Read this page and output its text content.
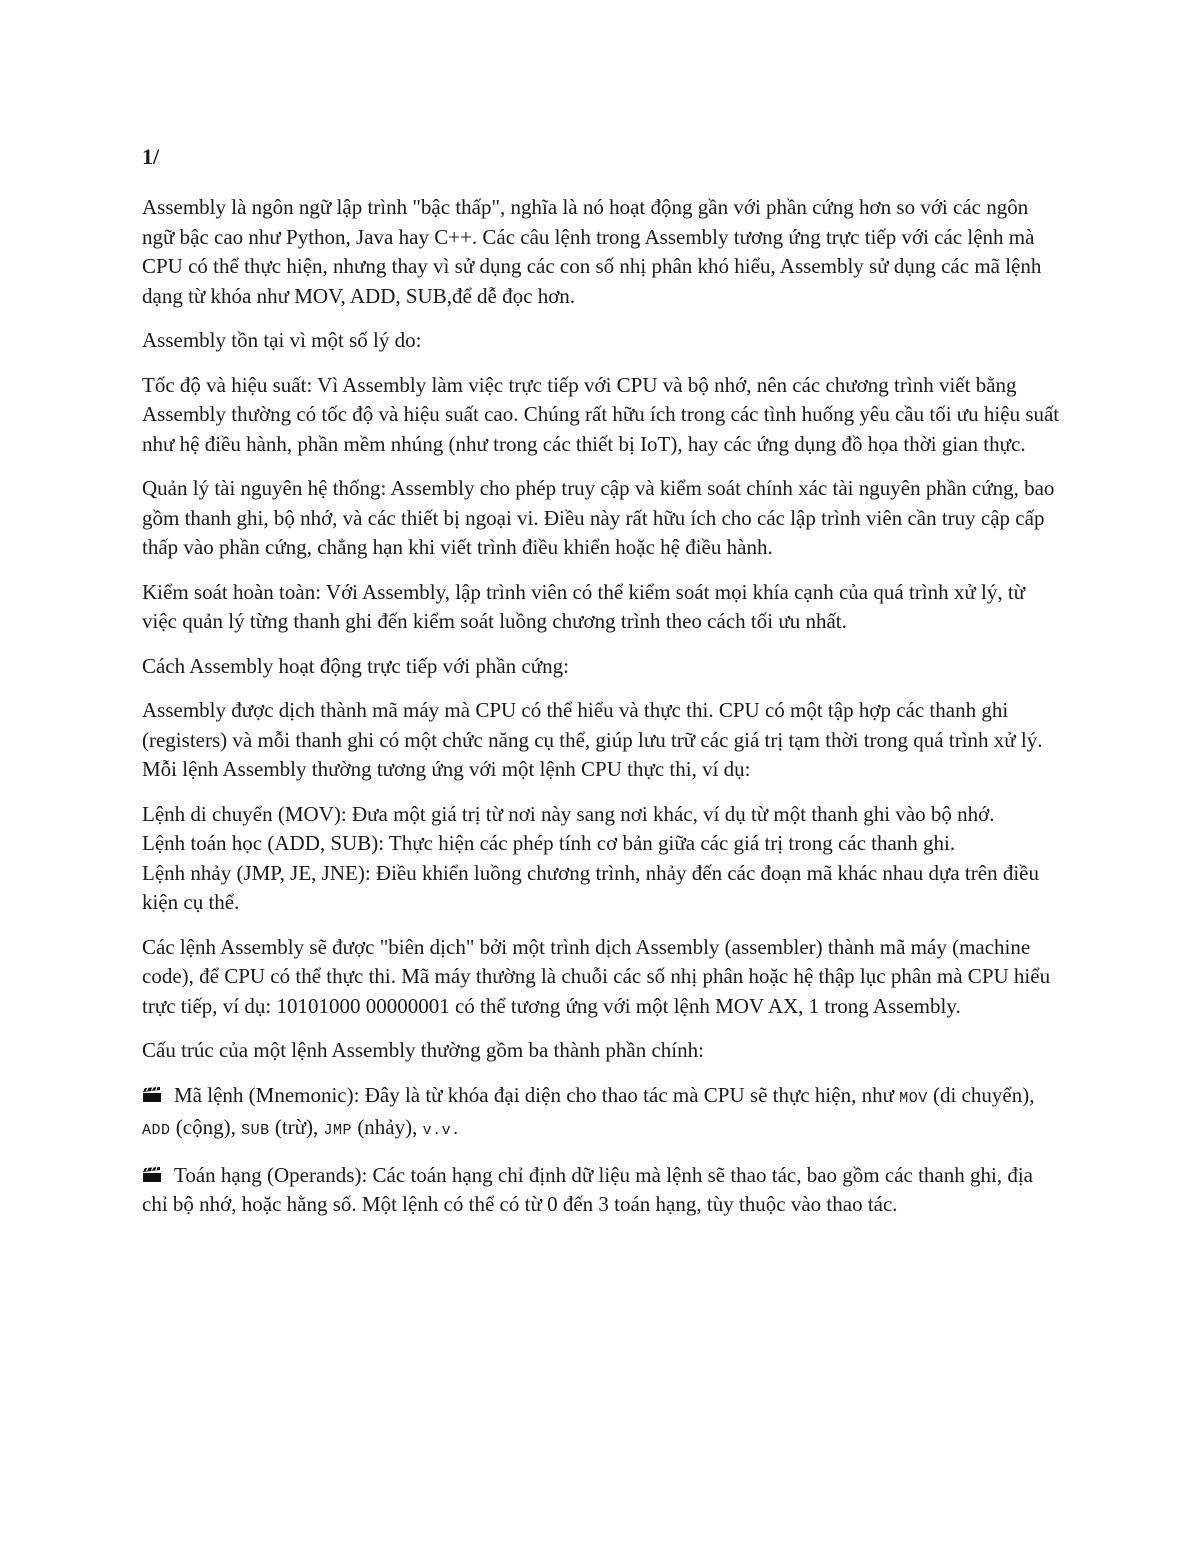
1/

Assembly là ngôn ngữ lập trình "bậc thấp", nghĩa là nó hoạt động gần với phần cứng hơn so với các ngôn ngữ bậc cao như Python, Java hay C++. Các câu lệnh trong Assembly tương ứng trực tiếp với các lệnh mà CPU có thể thực hiện, nhưng thay vì sử dụng các con số nhị phân khó hiểu, Assembly sử dụng các mã lệnh dạng từ khóa như MOV, ADD, SUB,để dễ đọc hơn.

Assembly tồn tại vì một số lý do:

Tốc độ và hiệu suất: Vì Assembly làm việc trực tiếp với CPU và bộ nhớ, nên các chương trình viết bằng Assembly thường có tốc độ và hiệu suất cao. Chúng rất hữu ích trong các tình huống yêu cầu tối ưu hiệu suất như hệ điều hành, phần mềm nhúng (như trong các thiết bị IoT), hay các ứng dụng đồ họa thời gian thực.

Quản lý tài nguyên hệ thống: Assembly cho phép truy cập và kiểm soát chính xác tài nguyên phần cứng, bao gồm thanh ghi, bộ nhớ, và các thiết bị ngoại vi. Điều này rất hữu ích cho các lập trình viên cần truy cập cấp thấp vào phần cứng, chẳng hạn khi viết trình điều khiển hoặc hệ điều hành.

Kiểm soát hoàn toàn: Với Assembly, lập trình viên có thể kiểm soát mọi khía cạnh của quá trình xử lý, từ việc quản lý từng thanh ghi đến kiểm soát luồng chương trình theo cách tối ưu nhất.

Cách Assembly hoạt động trực tiếp với phần cứng:

Assembly được dịch thành mã máy mà CPU có thể hiểu và thực thi. CPU có một tập hợp các thanh ghi (registers) và mỗi thanh ghi có một chức năng cụ thể, giúp lưu trữ các giá trị tạm thời trong quá trình xử lý. Mỗi lệnh Assembly thường tương ứng với một lệnh CPU thực thi, ví dụ:

Lệnh di chuyển (MOV): Đưa một giá trị từ nơi này sang nơi khác, ví dụ từ một thanh ghi vào bộ nhớ.

Lệnh toán học (ADD, SUB): Thực hiện các phép tính cơ bản giữa các giá trị trong các thanh ghi.

Lệnh nhảy (JMP, JE, JNE): Điều khiển luồng chương trình, nhảy đến các đoạn mã khác nhau dựa trên điều kiện cụ thể.

Các lệnh Assembly sẽ được "biên dịch" bởi một trình dịch Assembly (assembler) thành mã máy (machine code), để CPU có thể thực thi. Mã máy thường là chuỗi các số nhị phân hoặc hệ thập lục phân mà CPU hiểu trực tiếp, ví dụ: 10101000 00000001 có thể tương ứng với một lệnh MOV AX, 1 trong Assembly.

Cấu trúc của một lệnh Assembly thường gồm ba thành phần chính:

Mã lệnh (Mnemonic): Đây là từ khóa đại diện cho thao tác mà CPU sẽ thực hiện, như MOV (di chuyển), ADD (cộng), SUB (trừ), JMP (nhảy), v.v.
Toán hạng (Operands): Các toán hạng chỉ định dữ liệu mà lệnh sẽ thao tác, bao gồm các thanh ghi, địa chỉ bộ nhớ, hoặc hằng số. Một lệnh có thể có từ 0 đến 3 toán hạng, tùy thuộc vào thao tác.
